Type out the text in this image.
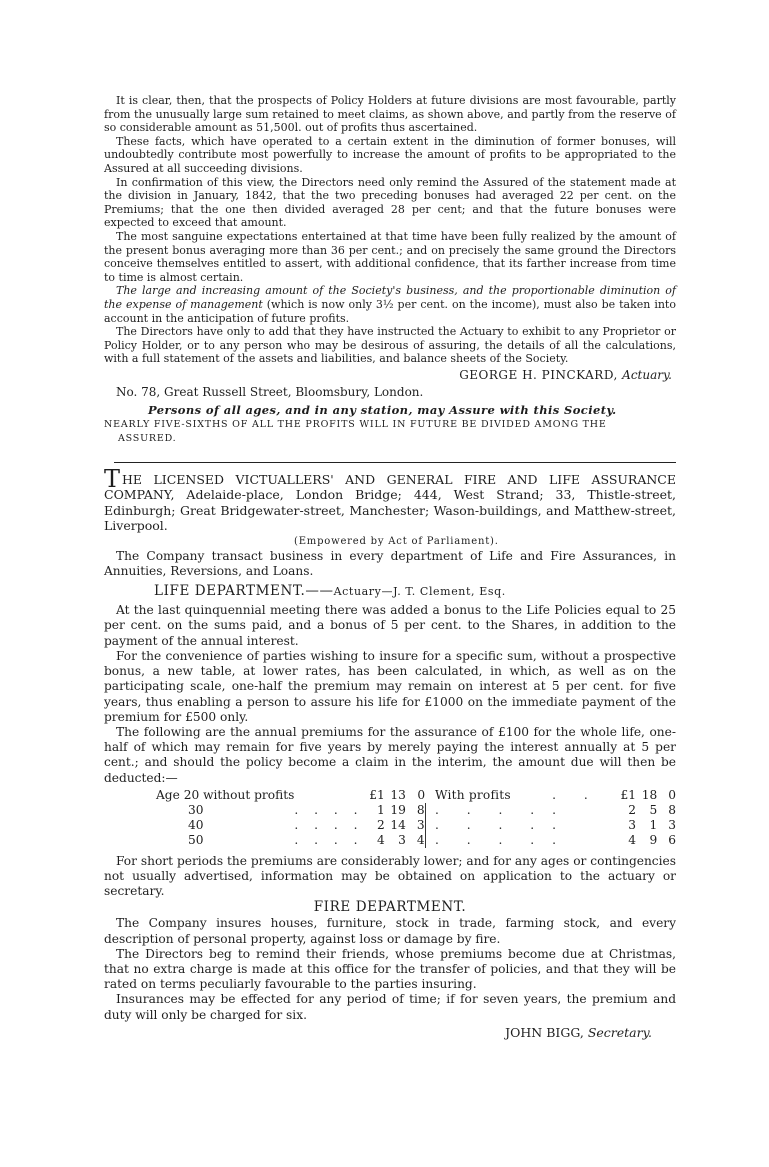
It is clear, then, that the prospects of Policy Holders at future divisions are most favourable, partly from the unusually large sum retained to meet claims, as shown above, and partly from the reserve of so considerable amount as 51,500l. out of profits thus ascertained.

These facts, which have operated to a certain extent in the diminution of former bonuses, will undoubtedly contribute most powerfully to increase the amount of profits to be appropriated to the Assured at all succeeding divisions.

In confirmation of this view, the Directors need only remind the Assured of the statement made at the division in January, 1842, that the two preceding bonuses had averaged 22 per cent. on the Premiums; that the one then divided averaged 28 per cent; and that the future bonuses were expected to exceed that amount.

The most sanguine expectations entertained at that time have been fully realized by the amount of the present bonus averaging more than 36 per cent.; and on precisely the same ground the Directors conceive themselves entitled to assert, with additional confidence, that its farther increase from time to time is almost certain.

The large and increasing amount of the Society's business, and the proportionable diminution of the expense of management (which is now only 3½ per cent. on the income), must also be taken into account in the anticipation of future profits.

The Directors have only to add that they have instructed the Actuary to exhibit to any Proprietor or Policy Holder, or to any person who may be desirous of assuring, the details of all the calculations, with a full statement of the assets and liabilities, and balance sheets of the Society.

GEORGE H. PINCKARD, Actuary.
No. 78, Great Russell Street, Bloomsbury, London.
Persons of all ages, and in any station, may Assure with this Society.
NEARLY FIVE-SIXTHS OF ALL THE PROFITS WILL IN FUTURE BE DIVIDED AMONG THE
ASSURED.
THE LICENSED VICTUALLERS' AND GENERAL FIRE AND LIFE ASSURANCE COMPANY, Adelaide-place, London Bridge; 444, West Strand; 33, Thistle-street, Edinburgh; Great Bridgewater-street, Manchester; Wason-buildings, and Matthew-street, Liverpool.
(Empowered by Act of Parliament).

The Company transact business in every department of Life and Fire Assurances, in Annuities, Reversions, and Loans.

LIFE DEPARTMENT.——Actuary—J. T. Clement, Esq.

At the last quinquennial meeting there was added a bonus to the Life Policies equal to 25 per cent. on the sums paid, and a bonus of 5 per cent. to the Shares, in addition to the payment of the annual interest.

For the convenience of parties wishing to insure for a specific sum, without a prospective bonus, a new table, at lower rates, has been calculated, in which, as well as on the participating scale, one-half the premium may remain on interest at 5 per cent. for five years, thus enabling a person to assure his life for £1000 on the immediate payment of the premium for £500 only.

The following are the annual premiums for the assurance of £100 for the whole life, one-half of which may remain for five years by merely paying the interest annually at 5 per cent.; and should the policy become a claim in the interim, the amount due will then be deducted:—

Age 20 without profits		£1	13	0		With profits	. .	£1	18	0
30	. . . .	1	19	8		. . . .	.	2	5	8
40	. . . .	2	14	3		. . . .	.	3	1	3
50	. . . .	4	3	4		. . . .	.	4	9	6

For short periods the premiums are considerably lower; and for any ages or contingencies not usually advertised, information may be obtained on application to the actuary or secretary.

FIRE DEPARTMENT.

The Company insures houses, furniture, stock in trade, farming stock, and every description of personal property, against loss or damage by fire.

The Directors beg to remind their friends, whose premiums become due at Christmas, that no extra charge is made at this office for the transfer of policies, and that they will be rated on terms peculiarly favourable to the parties insuring.

Insurances may be effected for any period of time; if for seven years, the premium and duty will only be charged for six.

JOHN BIGG, Secretary.
